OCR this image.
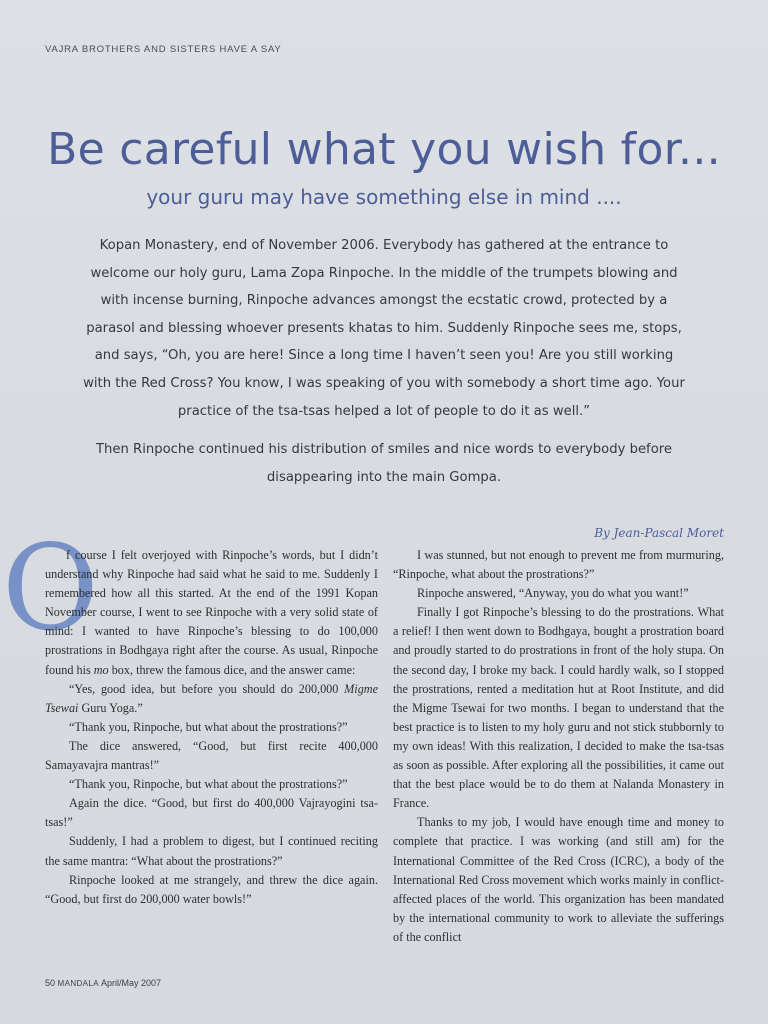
VAJRA BROTHERS AND SISTERS HAVE A SAY
Be careful what you wish for...
your guru may have something else in mind ....

Kopan Monastery, end of November 2006. Everybody has gathered at the entrance to welcome our holy guru, Lama Zopa Rinpoche. In the middle of the trumpets blowing and with incense burning, Rinpoche advances amongst the ecstatic crowd, protected by a parasol and blessing whoever presents khatas to him. Suddenly Rinpoche sees me, stops, and says, “Oh, you are here! Since a long time I haven’t seen you! Are you still working with the Red Cross? You know, I was speaking of you with somebody a short time ago. Your practice of the tsa-tsas helped a lot of people to do it as well.”

Then Rinpoche continued his distribution of smiles and nice words to everybody before disappearing into the main Gompa.

By Jean-Pascal Moret
O

f course I felt overjoyed with Rinpoche’s words, but I didn’t understand why Rinpoche had said what he said to me. Suddenly I remembered how all this started. At the end of the 1991 Kopan November course, I went to see Rinpoche with a very solid state of mind: I wanted to have Rinpoche’s blessing to do 100,000 prostrations in Bodhgaya right after the course. As usual, Rinpoche found his mo box, threw the famous dice, and the answer came:

“Yes, good idea, but before you should do 200,000 Migme Tsewai Guru Yoga.”

“Thank you, Rinpoche, but what about the prostrations?”

The dice answered, “Good, but first recite 400,000 Samayavajra mantras!”

“Thank you, Rinpoche, but what about the prostrations?”

Again the dice. “Good, but first do 400,000 Vajrayogini tsa-tsas!”

Suddenly, I had a problem to digest, but I continued reciting the same mantra: “What about the prostrations?”

Rinpoche looked at me strangely, and threw the dice again. “Good, but first do 200,000 water bowls!”

I was stunned, but not enough to prevent me from murmuring, “Rinpoche, what about the prostrations?”

Rinpoche answered, “Anyway, you do what you want!”

Finally I got Rinpoche’s blessing to do the prostrations. What a relief! I then went down to Bodhgaya, bought a prostration board and proudly started to do prostrations in front of the holy stupa. On the second day, I broke my back. I could hardly walk, so I stopped the prostrations, rented a meditation hut at Root Institute, and did the Migme Tsewai for two months. I began to understand that the best practice is to listen to my holy guru and not stick stubbornly to my own ideas! With this realization, I decided to make the tsa-tsas as soon as possible. After exploring all the possibilities, it came out that the best place would be to do them at Nalanda Monastery in France.

Thanks to my job, I would have enough time and money to complete that practice. I was working (and still am) for the International Committee of the Red Cross (ICRC), a body of the International Red Cross movement which works mainly in conflict-affected places of the world. This organization has been mandated by the international community to work to alleviate the sufferings of the conflict

50 MANDALA April/May 2007
